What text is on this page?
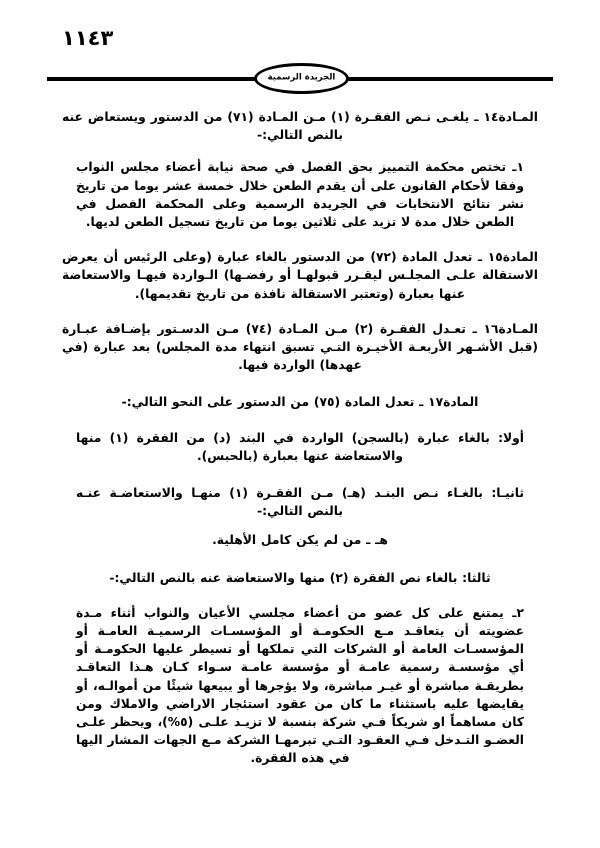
١١٤٣
الجريدة الرسمية

المـادة١٤ ـ يلغـى نـص الفقـرة (١) مـن المـادة (٧١) من الدستور ويستعاض عنه بالنص التالي:-

١ـ تختص محكمة التمييز بحق الفصل في صحة نيابة أعضاء مجلس النواب وفقا لأحكام القانون على أن يقدم الطعن خلال خمسة عشر يوما من تاريخ نشر نتائج الانتخابات في الجريدة الرسمية وعلى المحكمة الفصل في الطعن خلال مدة لا تزيد على ثلاثين يوما من تاريخ تسجيل الطعن لديها.

المادة١٥ ـ تعدل المادة (٧٢) من الدستور بالغاء عبارة (وعلى الرئيس أن يعرض الاستقالة علـى المجلـس ليقـرر قبولهـا أو رفضـها) الـواردة فيهـا والاستعاضة عنها بعبارة (وتعتبر الاستقالة نافذة من تاريخ تقديمها).

المـادة١٦ ـ تعـدل الفقـرة (٢) مـن المـادة (٧٤) مـن الدسـتور بإضـافة عبـارة (قبل الأشـهر الأربعـة الأخيـرة التـي تسبق انتهاء مدة المجلس) بعد عبارة (في عهدها) الواردة فيها.

المادة١٧ ـ تعدل المادة (٧٥) من الدستور على النحو التالي:-

أولا: بالغاء عبارة (بالسجن) الواردة في البند (د) من الفقرة (١) منها والاستعاضة عنها بعبارة (بالحبس).

ثانيـا: بالغـاء نـص البنـد (هـ) مـن الفقـرة (١) منهـا والاستعاضـة عنـه بالنص التالي:-

هـ ـ من لم يكن كامل الأهلية.

ثالثا: بالغاء نص الفقرة (٢) منها والاستعاضة عنه بالنص التالي:-

٢ـ يمتنع على كل عضو من أعضاء مجلسي الأعيان والنواب أثناء مـدة عضويته أن يتعاقـد مـع الحكومـة أو المؤسسـات الرسميـة العامـة أو المؤسسـات العامة أو الشركات التي تملكها أو تسيطر عليها الحكومـة أو أي مؤسسـة رسمية عامـة أو مؤسسة عامـة سـواء كـان هـذا التعاقـد بطريقـة مباشرة أو غيـر مباشرة، ولا يؤجرها أو يبيعها شيئًا من أموالـه، أو يقايضها عليه باستثناء ما كان من عقود استئجار الاراضي والاملاك ومن كان مساهماً او شريكاً فـي شركة بنسبة لا تزيـد علـى (٥%)، ويحظر علـى العضـو التـدخل فـي العقـود التـي تبرمهـا الشركة مـع الجهات المشار اليها في هذه الفقرة.
